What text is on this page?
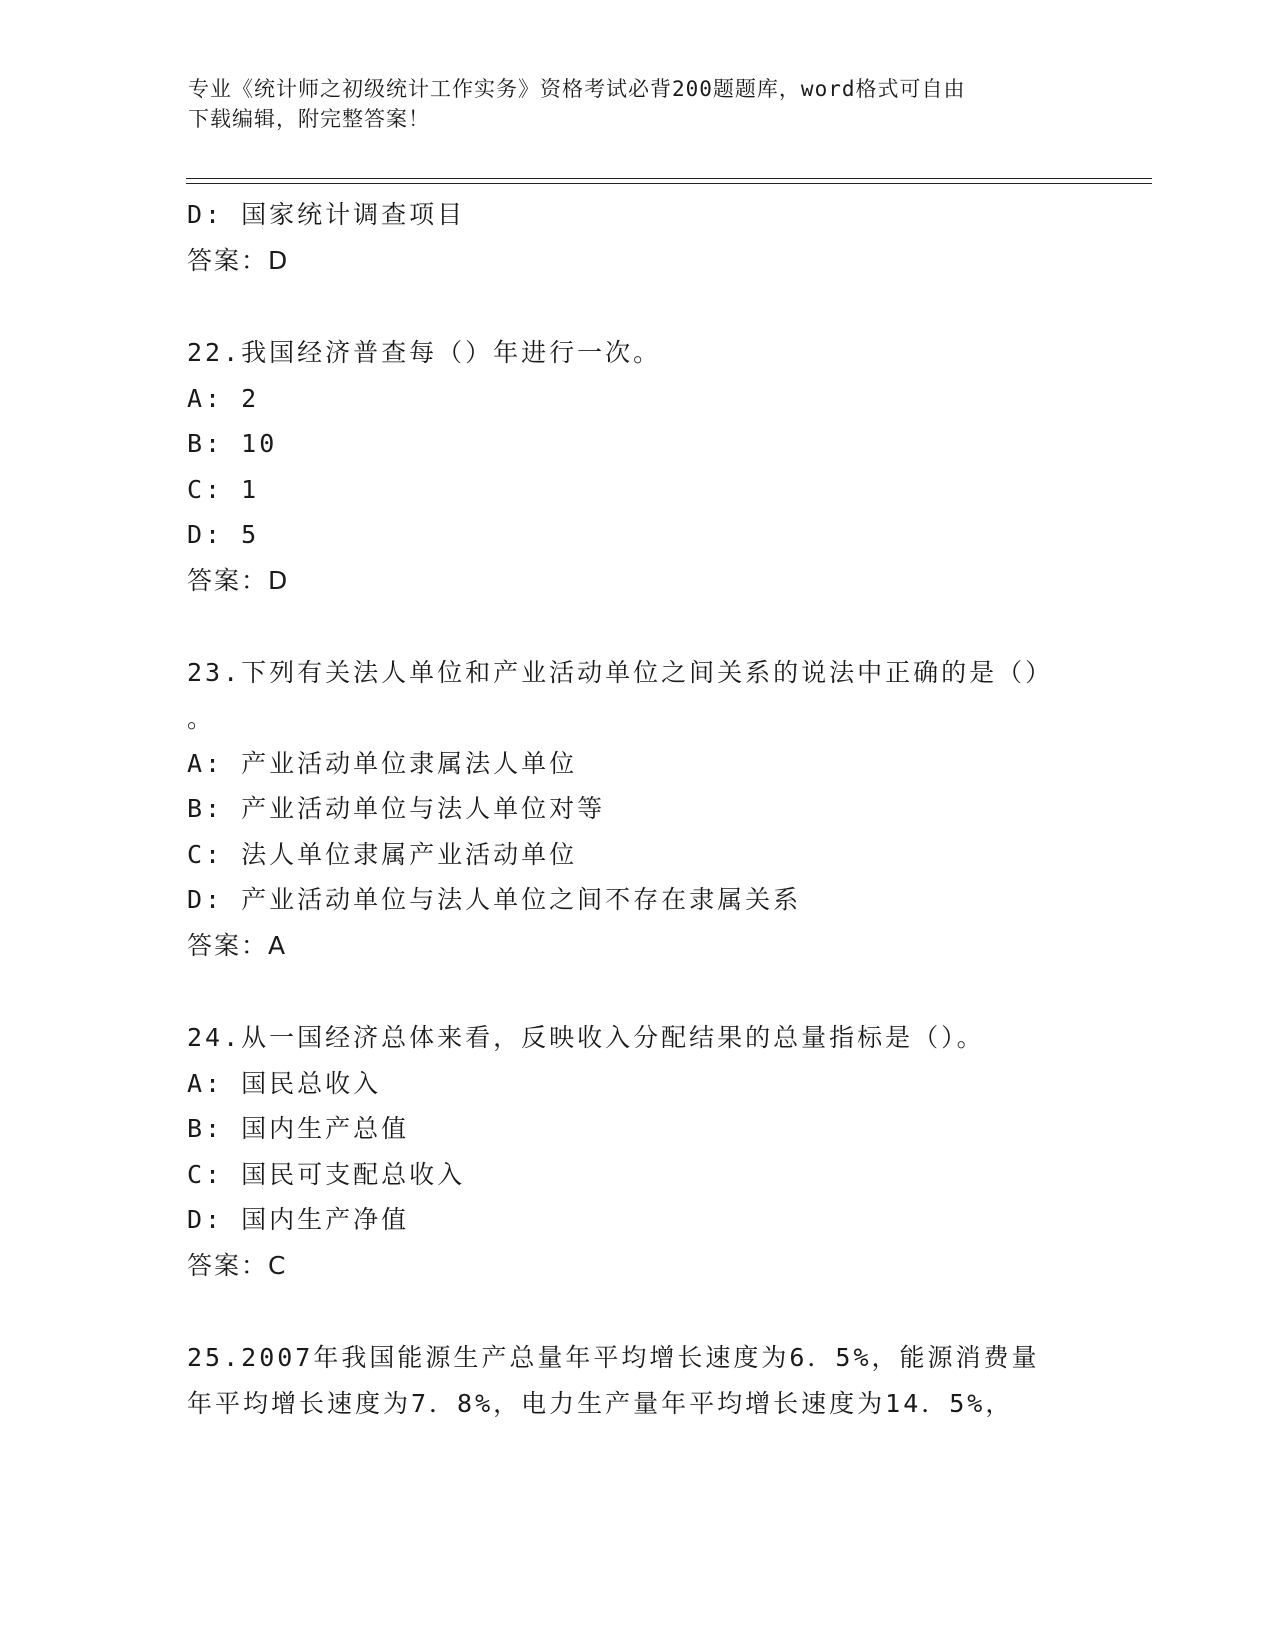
专业《统计师之初级统计工作实务》资格考试必背200题题库，word格式可自由
下载编辑，附完整答案！
D: 国家统计调查项目
答案：D
22.我国经济普查每（）年进行一次。
A: 2
B: 10
C: 1
D: 5
答案：D
23.下列有关法人单位和产业活动单位之间关系的说法中正确的是（）
。
A: 产业活动单位隶属法人单位
B: 产业活动单位与法人单位对等
C: 法人单位隶属产业活动单位
D: 产业活动单位与法人单位之间不存在隶属关系
答案：A
24.从一国经济总体来看，反映收入分配结果的总量指标是（）。
A: 国民总收入
B: 国内生产总值
C: 国民可支配总收入
D: 国内生产净值
答案：C
25.2007年我国能源生产总量年平均增长速度为6．5%，能源消费量
年平均增长速度为7．8%，电力生产量年平均增长速度为14．5%，
